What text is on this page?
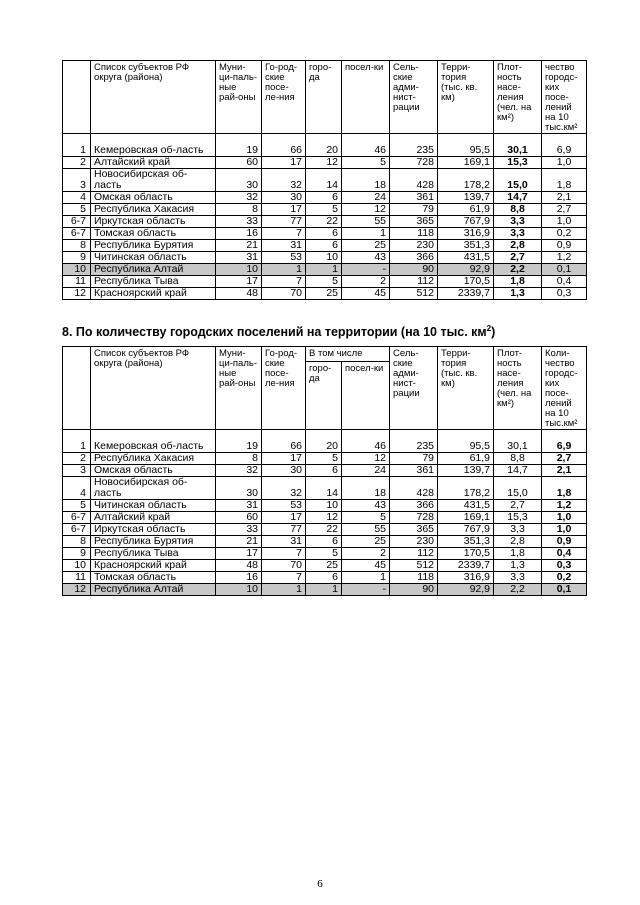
	Список субъектов РФ округа (района)	Муни-ци-паль-ные рай-оны	Го-род-ские посе-ле-ния	горо-да	посел-ки	Сель-ские адми-нист-рации	Терри-тория (тыс. кв. км)	Плот-ность насе-ления (чел. на км²)	чество городс-ких посе-лений на 10 тыс.км²
1	Кемеровская об-ласть	19	66	20	46	235	95,5	30,1	6,9
2	Алтайский край	60	17	12	5	728	169,1	15,3	1,0
3	Новосибирская об-ласть	30	32	14	18	428	178,2	15,0	1,8
4	Омская область	32	30	6	24	361	139,7	14,7	2,1
5	Республика Хакасия	8	17	5	12	79	61,9	8,8	2,7
6-7	Иркутская область	33	77	22	55	365	767,9	3,3	1,0
6-7	Томская область	16	7	6	1	118	316,9	3,3	0,2
8	Республика Бурятия	21	31	6	25	230	351,3	2,8	0,9
9	Читинская область	31	53	10	43	366	431,5	2,7	1,2
10	Республика Алтай	10	1	1	-	90	92,9	2,2	0,1
11	Республика Тыва	17	7	5	2	112	170,5	1,8	0,4
12	Красноярский край	48	70	25	45	512	2339,7	1,3	0,3

8. По количеству городских поселений на территории (на 10 тыс. $км^2$)

	Список субъектов РФ округа (района)	Муни-ци-паль-ные рай-оны	Го-род-ские посе-ле-ния	В том числе		Сель-ские адми-нист-рации	Терри-тория (тыс. кв. км)	Плот-ность насе-ления (чел. на км²)	Коли-чество городс-ких посе-лений на 10 тыс.км²
				горо-да	посел-ки				
1	Кемеровская об-ласть	19	66	20	46	235	95,5	30,1	6,9
2	Республика Хакасия	8	17	5	12	79	61,9	8,8	2,7
3	Омская область	32	30	6	24	361	139,7	14,7	2,1
4	Новосибирская об-ласть	30	32	14	18	428	178,2	15,0	1,8
5	Читинская область	31	53	10	43	366	431,5	2,7	1,2
6-7	Алтайский край	60	17	12	5	728	169,1	15,3	1,0
6-7	Иркутская область	33	77	22	55	365	767,9	3,3	1,0
8	Республика Бурятия	21	31	6	25	230	351,3	2,8	0,9
9	Республика Тыва	17	7	5	2	112	170,5	1,8	0,4
10	Красноярский край	48	70	25	45	512	2339,7	1,3	0,3
11	Томская область	16	7	6	1	118	316,9	3,3	0,2
12	Республика Алтай	10	1	1	-	90	92,9	2,2	0,1
6
